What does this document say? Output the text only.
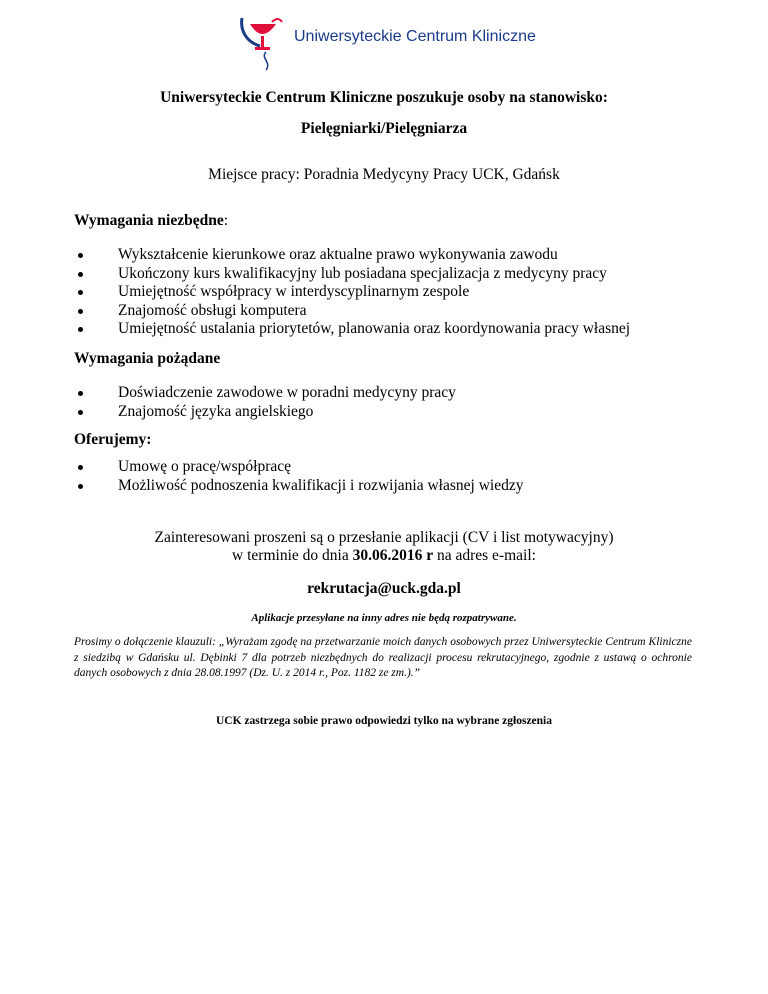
Uniwersyteckie Centrum Kliniczne
Uniwersyteckie Centrum Kliniczne poszukuje osoby na stanowisko:
Pielęgniarki/Pielęgniarza
Miejsce pracy: Poradnia Medycyny Pracy UCK, Gdańsk
Wymagania niezbędne:
Wykształcenie kierunkowe oraz aktualne prawo wykonywania zawodu
Ukończony kurs kwalifikacyjny lub posiadana specjalizacja z medycyny pracy
Umiejętność współpracy w interdyscyplinarnym zespole
Znajomość obsługi komputera
Umiejętność ustalania priorytetów, planowania oraz koordynowania pracy własnej
Wymagania pożądane
Doświadczenie zawodowe w poradni medycyny pracy
Znajomość języka angielskiego
Oferujemy:
Umowę o pracę/współpracę
Możliwość podnoszenia kwalifikacji i rozwijania własnej wiedzy
Zainteresowani proszeni są o przesłanie aplikacji (CV i list motywacyjny)
w terminie do dnia 30.06.2016 r na adres e-mail:
rekrutacja@uck.gda.pl
Aplikacje przesyłane na inny adres nie będą rozpatrywane.
Prosimy o dołączenie klauzuli: „Wyrażam zgodę na przetwarzanie moich danych osobowych przez Uniwersyteckie Centrum Kliniczne z siedzibą w Gdańsku ul. Dębinki 7 dla potrzeb niezbędnych do realizacji procesu rekrutacyjnego, zgodnie z ustawą o ochronie danych osobowych z dnia 28.08.1997 (Dz. U. z 2014 r., Poz. 1182 ze zm.).”
UCK zastrzega sobie prawo odpowiedzi tylko na wybrane zgłoszenia
